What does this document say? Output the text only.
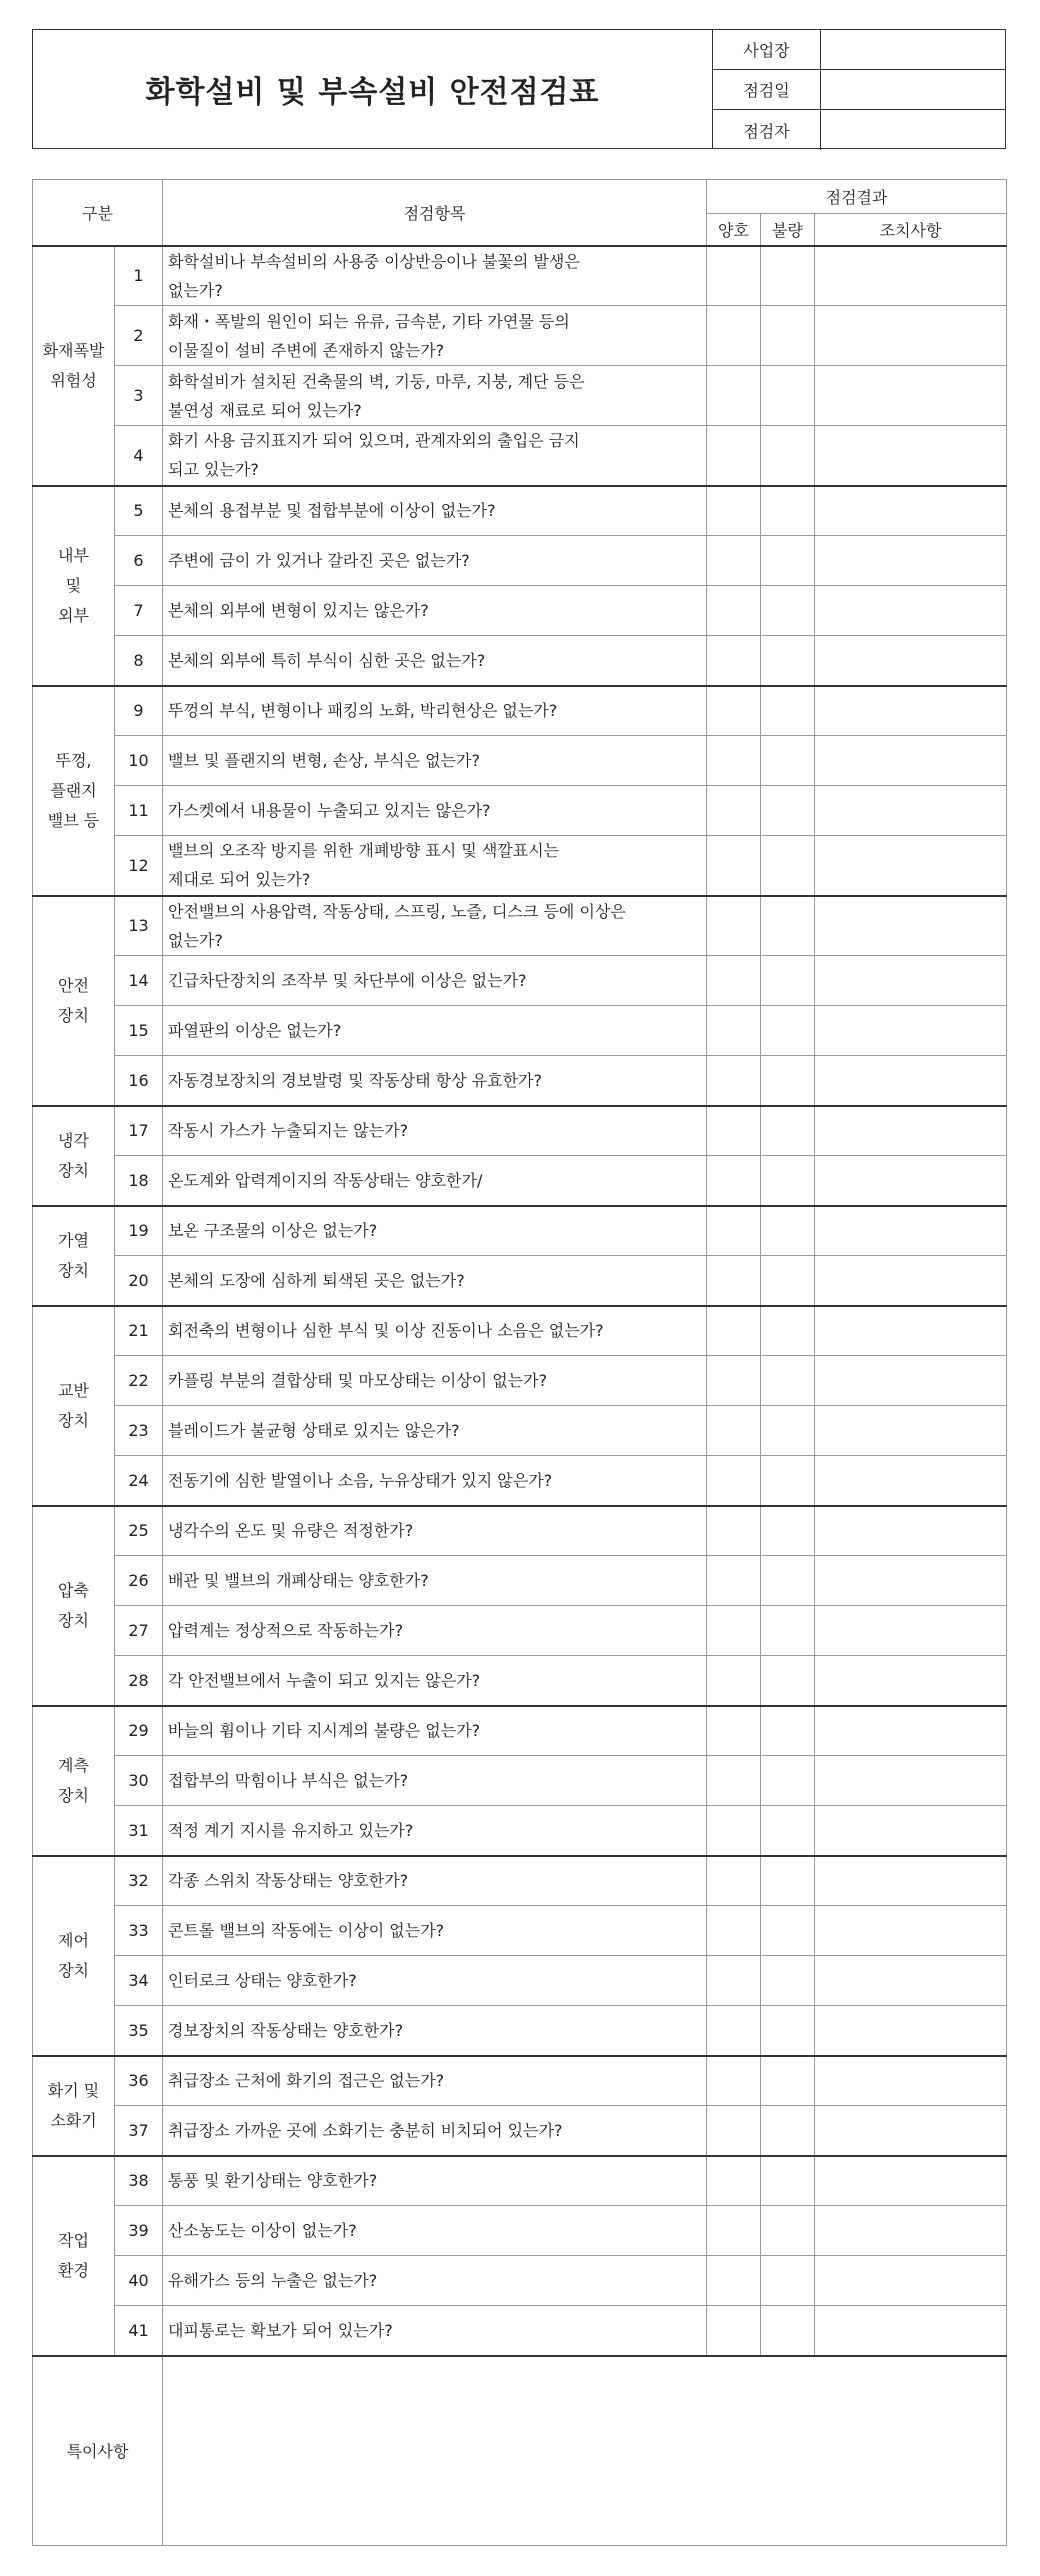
화학설비 및 부속설비 안전점검표
사업장
점검일
점검자
구분		점검항목	점검결과		
			양호	불량	조치사항
화재폭발
위험성	1	화학설비나 부속설비의 사용중 이상반응이나 불꽃의 발생은
없는가?			
	2	화재・폭발의 원인이 되는 유류, 금속분, 기타 가연물 등의
이물질이 설비 주변에 존재하지 않는가?			
	3	화학설비가 설치된 건축물의 벽, 기둥, 마루, 지붕, 계단 등은
불연성 재료로 되어 있는가?			
	4	화기 사용 금지표지가 되어 있으며, 관계자외의 출입은 금지
되고 있는가?			
내부
및
외부	5	본체의 용접부분 및 접합부분에 이상이 없는가?			
	6	주변에 금이 가 있거나 갈라진 곳은 없는가?			
	7	본체의 외부에 변형이 있지는 않은가?			
	8	본체의 외부에 특히 부식이 심한 곳은 없는가?			
뚜껑,
플랜지
밸브 등	9	뚜껑의 부식, 변형이나 패킹의 노화, 박리현상은 없는가?			
	10	밸브 및 플랜지의 변형, 손상, 부식은 없는가?			
	11	가스켓에서 내용물이 누출되고 있지는 않은가?			
	12	밸브의 오조작 방지를 위한 개폐방향 표시 및 색깔표시는
제대로 되어 있는가?			
안전
장치	13	안전밸브의 사용압력, 작동상태, 스프링, 노즐, 디스크 등에 이상은
없는가?			
	14	긴급차단장치의 조작부 및 차단부에 이상은 없는가?			
	15	파열판의 이상은 없는가?			
	16	자동경보장치의 경보발령 및 작동상태 항상 유효한가?			
냉각
장치	17	작동시 가스가 누출되지는 않는가?			
	18	온도계와 압력계이지의 작동상태는 양호한가/			
가열
장치	19	보온 구조물의 이상은 없는가?			
	20	본체의 도장에 심하게 퇴색된 곳은 없는가?			
교반
장치	21	회전축의 변형이나 심한 부식 및 이상 진동이나 소음은 없는가?			
	22	카플링 부분의 결합상태 및 마모상태는 이상이 없는가?			
	23	블레이드가 불균형 상태로 있지는 않은가?			
	24	전동기에 심한 발열이나 소음, 누유상태가 있지 않은가?			
압축
장치	25	냉각수의 온도 및 유량은 적정한가?			
	26	배관 및 밸브의 개폐상태는 양호한가?			
	27	압력계는 정상적으로 작동하는가?			
	28	각 안전밸브에서 누출이 되고 있지는 않은가?			
계측
장치	29	바늘의 휨이나 기타 지시계의 불량은 없는가?			
	30	접합부의 막힘이나 부식은 없는가?			
	31	적정 계기 지시를 유지하고 있는가?			
제어
장치	32	각종 스위치 작동상태는 양호한가?			
	33	콘트롤 밸브의 작동에는 이상이 없는가?			
	34	인터로크 상태는 양호한가?			
	35	경보장치의 작동상태는 양호한가?			
화기 및
소화기	36	취급장소 근처에 화기의 접근은 없는가?			
	37	취급장소 가까운 곳에 소화기는 충분히 비치되어 있는가?			
작업
환경	38	통풍 및 환기상태는 양호한가?			
	39	산소농도는 이상이 없는가?			
	40	유해가스 등의 누출은 없는가?			
	41	대피통로는 확보가 되어 있는가?			
특이사항					
